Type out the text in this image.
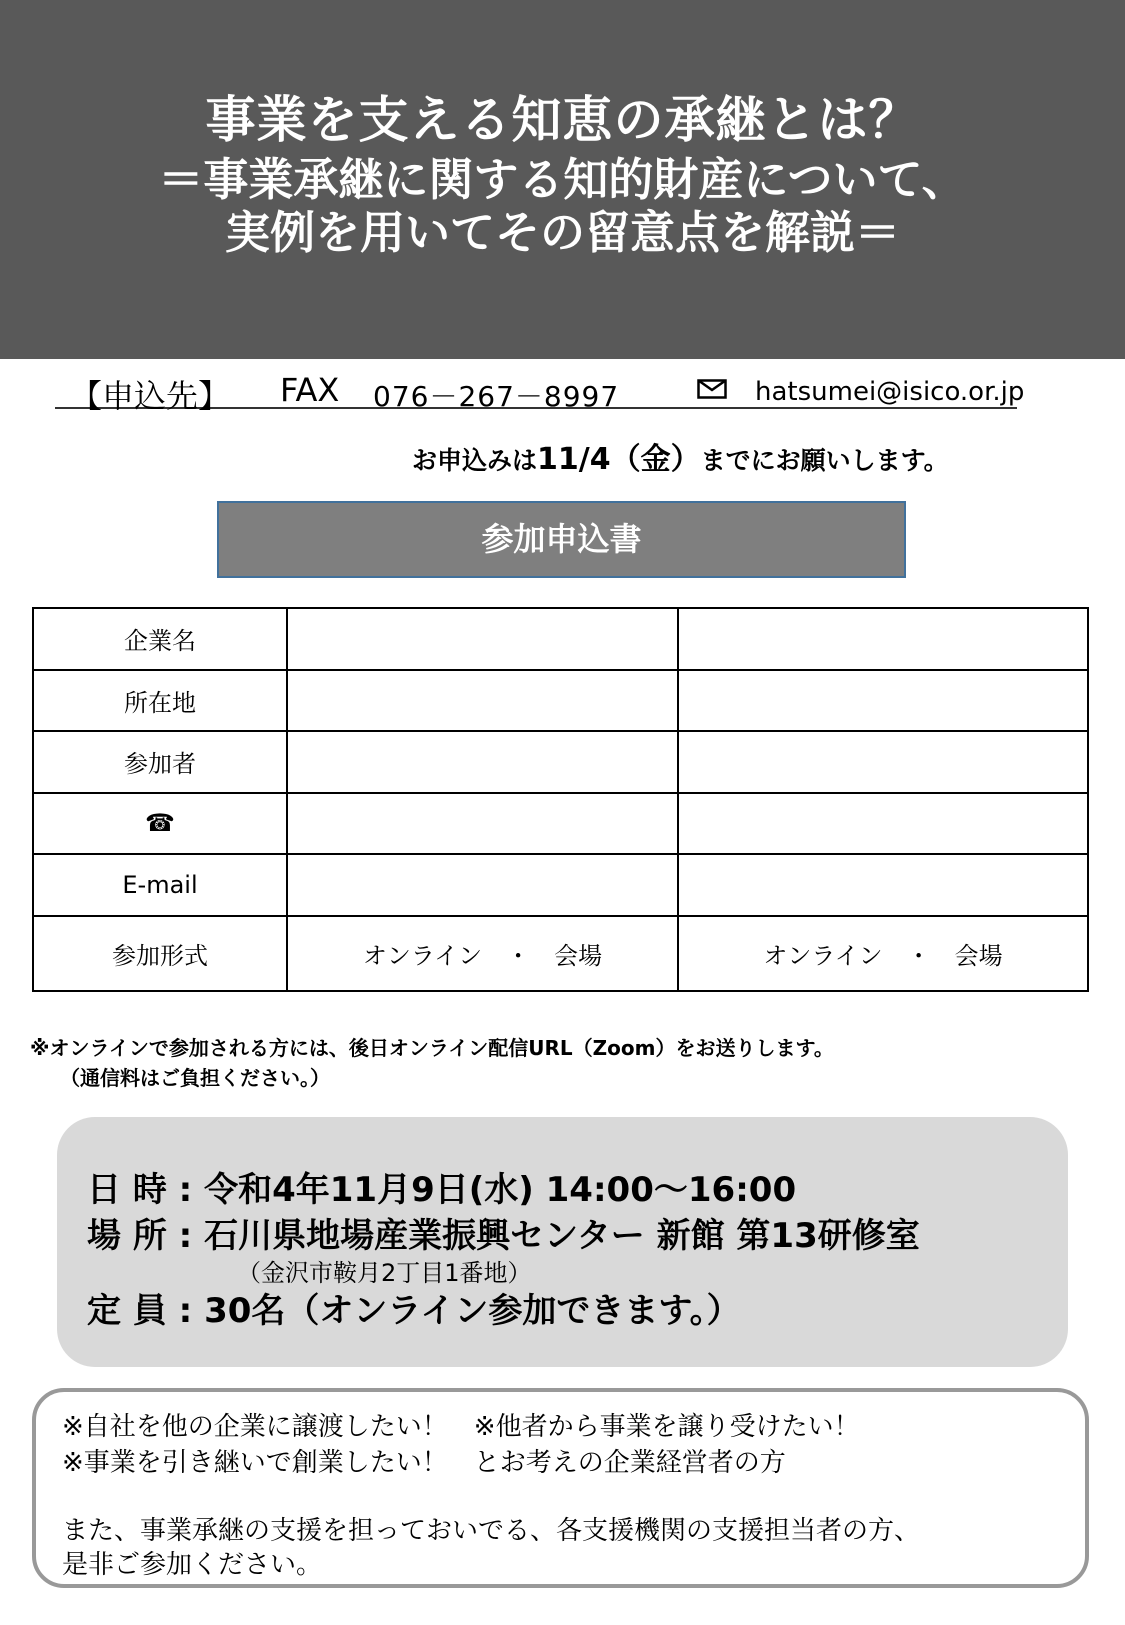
事業を支える知恵の承継とは？
＝事業承継に関する知的財産について、
実例を用いてその留意点を解説＝
【申込先】 FAX 076－267－8997	hatsumei@isico.or.jp
お申込みは11/4（金）までにお願いします。
参加申込書
企業名		
所在地		
参加者		
☎		
E-mail		
参加形式	オンライン　・　会場	オンライン　・　会場
※オンラインで参加される方には、後日オンライン配信URL（Zoom）をお送りします。
（通信料はご負担ください。）
日 時 : 令和4年11月9日(水) 14:00～16:00
場 所 : 石川県地場産業振興センター 新館 第13研修室
（金沢市鞍月2丁目1番地）
定 員 : 30名（オンライン参加できます。）
※自社を他の企業に譲渡したい！　※他者から事業を譲り受けたい！
※事業を引き継いで創業したい！　とお考えの企業経営者の方
また、事業承継の支援を担っておいでる、各支援機関の支援担当者の方、
是非ご参加ください。
